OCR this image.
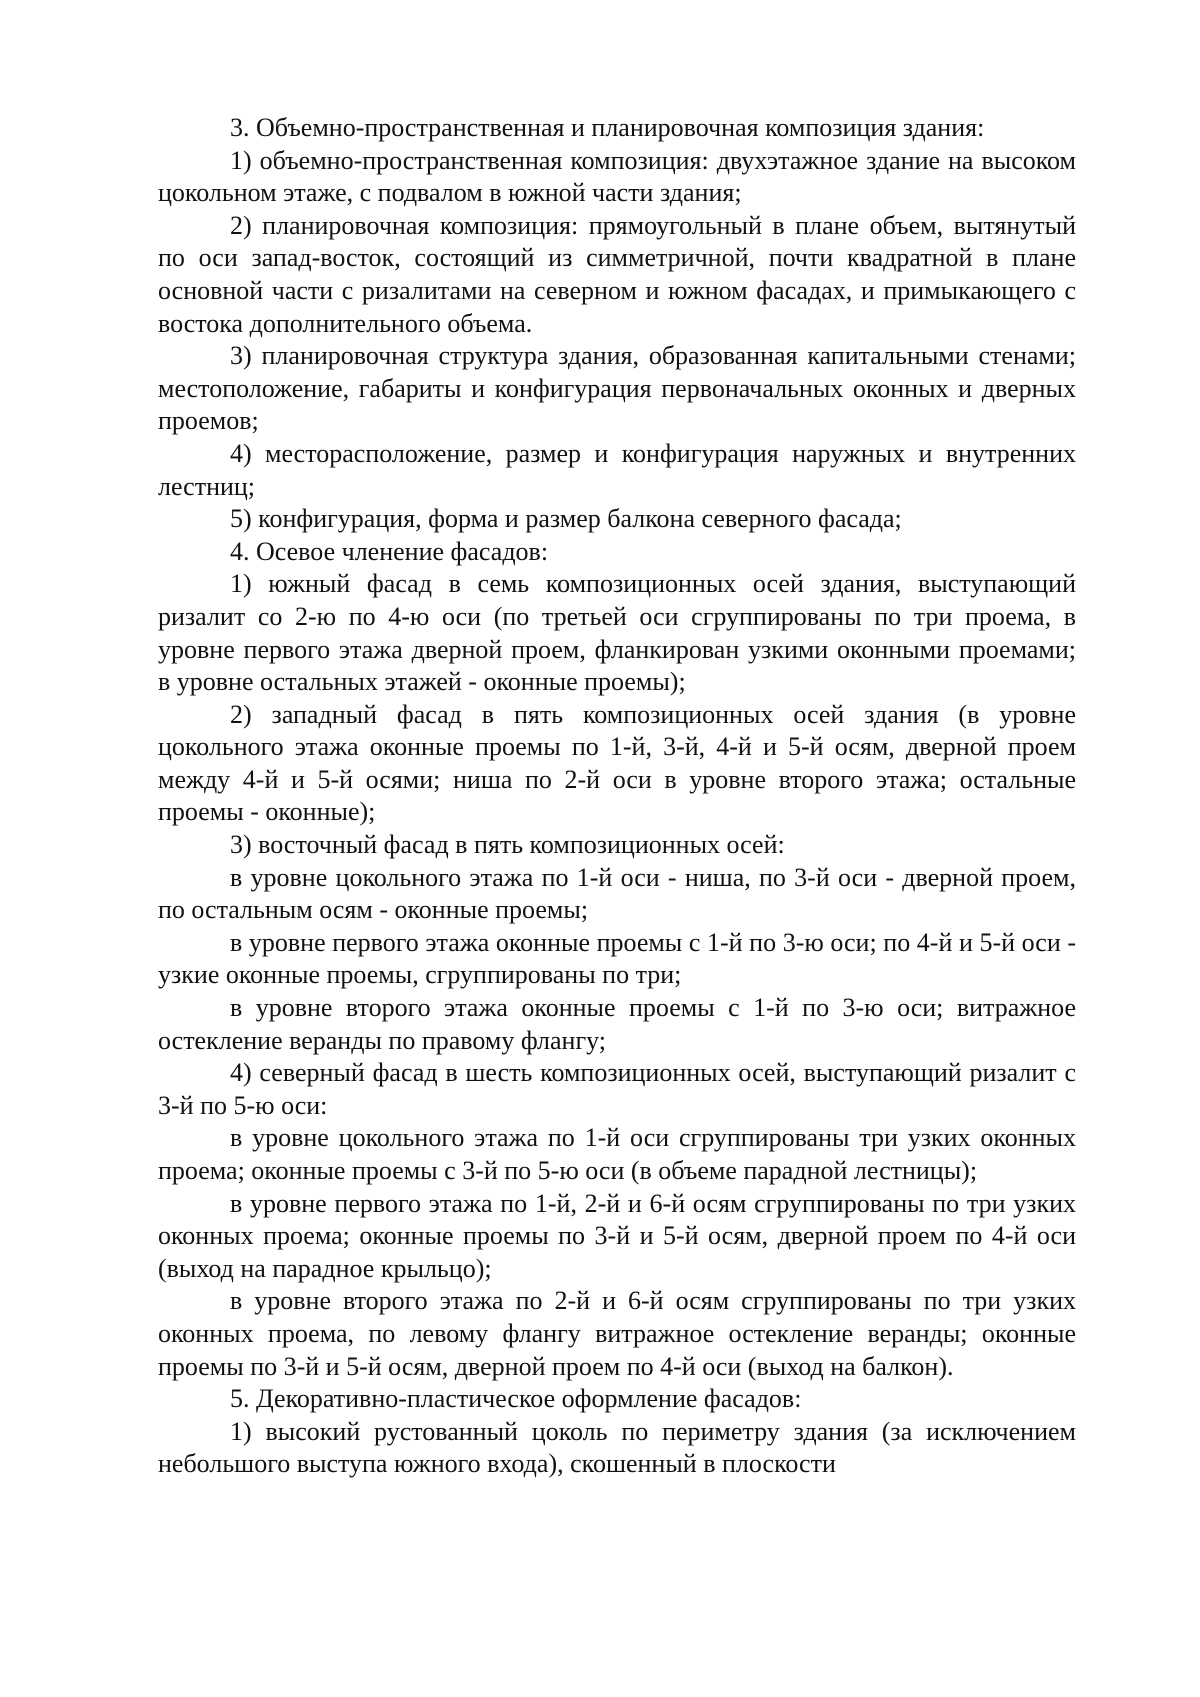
3. Объемно-пространственная и планировочная композиция здания:

1) объемно-пространственная композиция: двухэтажное здание на высоком цокольном этаже, с подвалом в южной части здания;

2) планировочная композиция: прямоугольный в плане объем, вытянутый по оси запад-восток, состоящий из симметричной, почти квадратной в плане основной части с ризалитами на северном и южном фасадах, и примыкающего с востока дополнительного объема.

3) планировочная структура здания, образованная капитальными стенами; местоположение, габариты и конфигурация первоначальных оконных и дверных проемов;

4) месторасположение, размер и конфигурация наружных и внутренних лестниц;

5) конфигурация, форма и размер балкона северного фасада;

4. Осевое членение фасадов:

1) южный фасад в семь композиционных осей здания, выступающий ризалит со 2-ю по 4-ю оси (по третьей оси сгруппированы по три проема, в уровне первого этажа дверной проем, фланкирован узкими оконными проемами; в уровне остальных этажей - оконные проемы);

2) западный фасад в пять композиционных осей здания (в уровне цокольного этажа оконные проемы по 1-й, 3-й, 4-й и 5-й осям, дверной проем между 4-й и 5-й осями; ниша по 2-й оси в уровне второго этажа; остальные проемы - оконные);

3) восточный фасад в пять композиционных осей:

в уровне цокольного этажа по 1-й оси - ниша, по 3-й оси - дверной проем, по остальным осям - оконные проемы;

в уровне первого этажа оконные проемы с 1-й по 3-ю оси; по 4-й и 5-й оси - узкие оконные проемы, сгруппированы по три;

в уровне второго этажа оконные проемы с 1-й по 3-ю оси; витражное остекление веранды по правому флангу;

4) северный фасад в шесть композиционных осей, выступающий ризалит с 3-й по 5-ю оси:

в уровне цокольного этажа по 1-й оси сгруппированы три узких оконных проема; оконные проемы с 3-й по 5-ю оси (в объеме парадной лестницы);

в уровне первого этажа по 1-й, 2-й и 6-й осям сгруппированы по три узких оконных проема; оконные проемы по 3-й и 5-й осям, дверной проем по 4-й оси (выход на парадное крыльцо);

в уровне второго этажа по 2-й и 6-й осям сгруппированы по три узких оконных проема, по левому флангу витражное остекление веранды; оконные проемы по 3-й и 5-й осям, дверной проем по 4-й оси (выход на балкон).

5. Декоративно-пластическое оформление фасадов:

1) высокий рустованный цоколь по периметру здания (за исключением небольшого выступа южного входа), скошенный в плоскости
